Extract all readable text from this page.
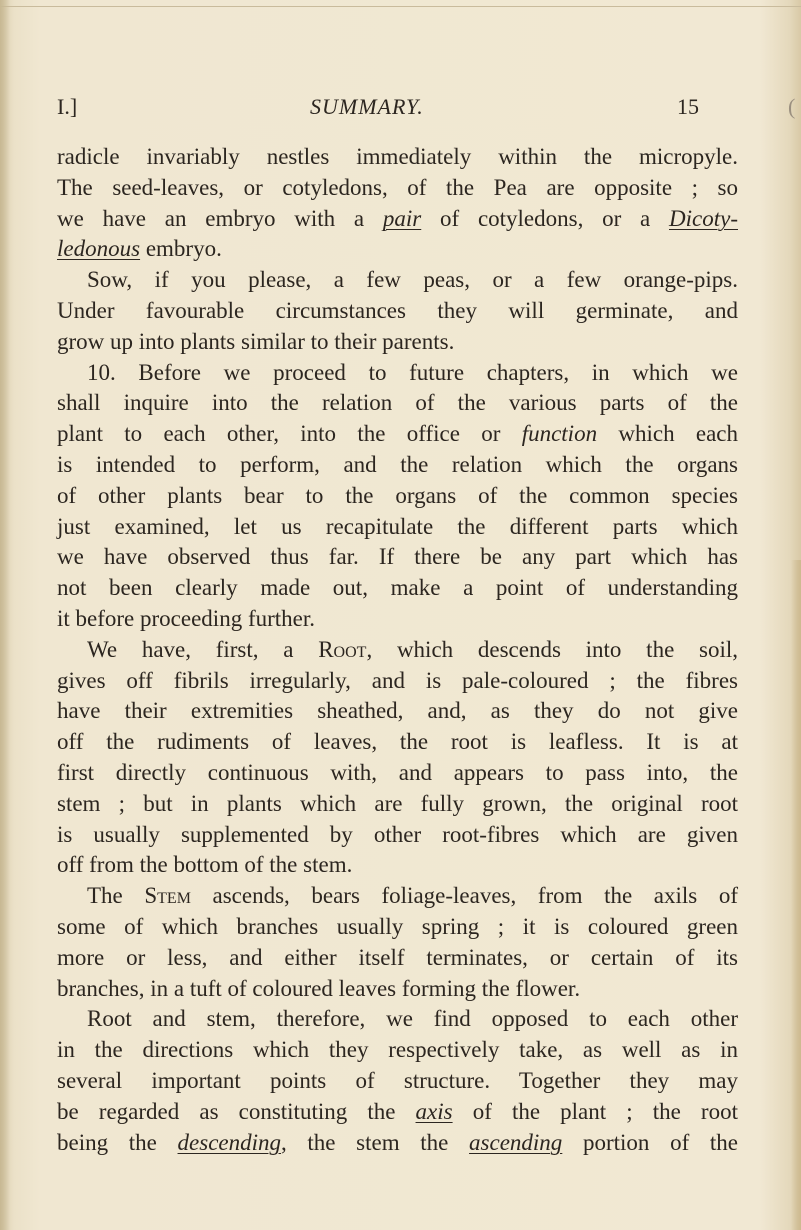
I.]	SUMMARY.	15	(
radicle invariably nestles immediately within the micropyle.
The seed-leaves, or cotyledons, of the Pea are opposite ; so
we have an embryo with a pair of cotyledons, or a Dicoty-
ledonous embryo.
Sow, if you please, a few peas, or a few orange-pips.
Under favourable circumstances they will germinate, and
grow up into plants similar to their parents.
10. Before we proceed to future chapters, in which we
shall inquire into the relation of the various parts of the
plant to each other, into the office or function which each
is intended to perform, and the relation which the organs
of other plants bear to the organs of the common species
just examined, let us recapitulate the different parts which
we have observed thus far. If there be any part which has
not been clearly made out, make a point of understanding
it before proceeding further.
We have, first, a Root, which descends into the soil,
gives off fibrils irregularly, and is pale-coloured ; the fibres
have their extremities sheathed, and, as they do not give
off the rudiments of leaves, the root is leafless. It is at
first directly continuous with, and appears to pass into, the
stem ; but in plants which are fully grown, the original root
is usually supplemented by other root-fibres which are given
off from the bottom of the stem.
The Stem ascends, bears foliage-leaves, from the axils of
some of which branches usually spring ; it is coloured green
more or less, and either itself terminates, or certain of its
branches, in a tuft of coloured leaves forming the flower.
Root and stem, therefore, we find opposed to each other
in the directions which they respectively take, as well as in
several important points of structure. Together they may
be regarded as constituting the axis of the plant ; the root
being the descending, the stem the ascending portion of the
